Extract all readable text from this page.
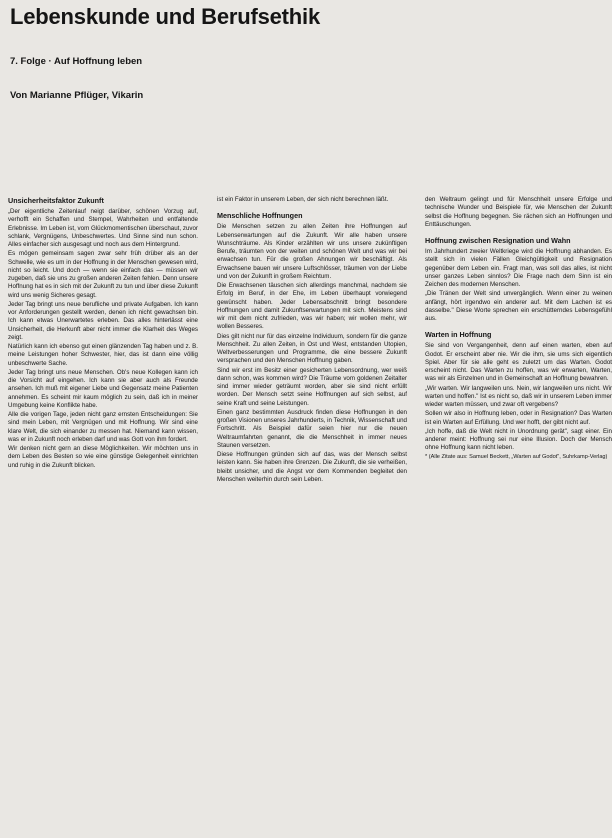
Lebenskunde und Berufsethik
7. Folge · Auf Hoffnung leben
Von Marianne Pflüger, Vikarin
Unsicherheitsfaktor Zukunft

„Der eigentliche Zeitenlauf neigt darüber, schönen Vorzug auf, verhofft ein Schaffen und Stempel, Wahrheiten und entfaltende Erlebnisse. Im Leben ist, vom Glückmomentischen überschaut, zuvor schlank, Vergnügens, Unbeschwertes. Und Sinne sind nun schon. Alles einfacher sich ausgesagt und noch aus dem Hintergrund.

Es mögen gemeinsam sagen zwar sehr früh drüber als an der Schwelle, wie es um in der Hoffnung in der Menschen gewesen wird, nicht so leicht. Und doch — wenn sie einfach das — müssen wir zugeben, daß sie uns zu großen anderen Zeiten fehlen. Denn unsere Hoffnung hat es in sich mit der Zukunft zu tun und über diese Zukunft wird uns wenig Sicheres gesagt.

Jeder Tag bringt uns neue berufliche und private Aufgaben. Ich kann vor Anforderungen gestellt werden, denen ich nicht gewachsen bin. Ich kann etwas Unerwartetes erleben. Das alles hinterlässt eine Unsicherheit, die Herkunft aber nicht immer die Klarheit des Weges zeigt.

Natürlich kann ich ebenso gut einen glänzenden Tag haben und z. B. meine Leistungen hoher Schwester, hier, das ist dann eine völlig unbeschwerte Sache.

Jeder Tag bringt uns neue Menschen. Ob's neue Kollegen kann ich die Vorsicht auf eingehen. Ich kann sie aber auch als Freunde ansehen. Ich muß mit eigener Liebe und Gegensatz meine Patienten annehmen. Es scheint mir kaum möglich zu sein, daß ich in meiner Umgebung keine Konflikte habe.

Alle die vorigen Tage, jeden nicht ganz ernsten Entscheidungen: Sie sind mein Leben, mit Vergnügen und mit Hoffnung. Wir sind eine klare Welt, die sich einander zu messen hat. Niemand kann wissen, was er in Zukunft noch erleben darf und was Gott von ihm fordert.

Wir denken nicht gern an diese Möglichkeiten. Wir möchten uns in dem Leben des Besten so wie eine günstige Gelegenheit einrichten und ruhig in die Zukunft blicken.

ist ein Faktor in unserem Leben, der sich nicht berechnen läßt.

Menschliche Hoffnungen

Die Menschen setzen zu allen Zeiten ihre Hoffnungen auf Lebenserwartungen auf die Zukunft. Wir alle haben unsere Wunschträume. Als Kinder erzählten wir uns unsere zukünftigen Berufe, träumten von der weiten und schönen Welt und was wir bei erwachsen tun. Für die großen Ahnungen wir beschäftigt. Als Erwachsene bauen wir unsere Luftschlösser, träumen von der Liebe und von der Zukunft in großem Reichtum.

Die Erwachsenen täuschen sich allerdings manchmal, nachdem sie Erfolg im Beruf, in der Ehe, im Leben überhaupt vorwiegend gewünscht haben. Jeder Lebensabschnitt bringt besondere Hoffnungen und damit Zukunftserwartungen mit sich. Meistens sind wir mit dem nicht zufrieden, was wir haben; wir wollen mehr, wir wollen Besseres.

Dies gilt nicht nur für das einzelne Individuum, sondern für die ganze Menschheit. Zu allen Zeiten, in Ost und West, entstanden Utopien, Weltverbesserungen und Programme, die eine bessere Zukunft versprachen und den Menschen Hoffnung gaben.

Sind wir erst im Besitz einer gesicherten Lebensordnung, wer weiß dann schon, was kommen wird? Die Träume vom goldenen Zeitalter sind immer wieder geträumt worden, aber sie sind nicht erfüllt worden. Der Mensch setzt seine Hoffnungen auf sich selbst, auf seine Kraft und seine Leistungen.

Einen ganz bestimmten Ausdruck finden diese Hoffnungen in den großen Visionen unseres Jahrhunderts, in Technik, Wissenschaft und Fortschritt. Als Beispiel dafür seien hier nur die neuen Weltraumfahrten genannt, die die Menschheit in immer neues Staunen versetzen.

Diese Hoffnungen gründen sich auf das, was der Mensch selbst leisten kann. Sie haben ihre Grenzen. Die Zukunft, die sie verheißen, bleibt unsicher, und die Angst vor dem Kommenden begleitet den Menschen weiterhin durch sein Leben.

den Weltraum gelingt und für Menschheit unsere Erfolge und technische Wunder und Beispiele für, wie Menschen der Zukunft selbst die Hoffnung begegnen. Sie rächen sich an Hoffnungen und Enttäuschungen.

Hoffnung zwischen Resignation und Wahn

Im Jahrhundert zweier Weltkriege wird die Hoffnung abhanden. Es stellt sich in vielen Fällen Gleichgültigkeit und Resignation gegenüber dem Leben ein. Fragt man, was soll das alles, ist nicht unser ganzes Leben sinnlos? Die Frage nach dem Sinn ist ein Zeichen des modernen Menschen.

„Die Tränen der Welt sind unvergänglich. Wenn einer zu weinen anfängt, hört irgendwo ein anderer auf. Mit dem Lachen ist es dasselbe." Diese Worte sprechen ein erschütterndes Lebensgefühl aus.

Warten in Hoffnung

Sie sind von Vergangenheit, denn auf einen warten, eben auf Godot. Er erscheint aber nie. Wir die ihm, sie ums sich eigentlich Spiel. Aber für sie alle geht es zuletzt um das Warten. Godot erscheint nicht. Das Warten zu hoffen, was wir erwarten, Warten, was wir als Einzelnen und in Gemeinschaft an Hoffnung bewahren.

„Wir warten. Wir langweilen uns. Nein, wir langweilen uns nicht. Wir warten und hoffen." Ist es nicht so, daß wir in unserem Leben immer wieder warten müssen, und zwar oft vergebens?

Sollen wir also in Hoffnung leben, oder in Resignation? Das Warten ist ein Warten auf Erfüllung. Und wer hofft, der gibt nicht auf.

„Ich hoffe, daß die Welt nicht in Unordnung gerät", sagt einer. Ein anderer meint: Hoffnung sei nur eine Illusion. Doch der Mensch ohne Hoffnung kann nicht leben.

* (Alle Zitate aus: Samuel Beckett, „Warten auf Godot", Suhrkamp-Verlag)
